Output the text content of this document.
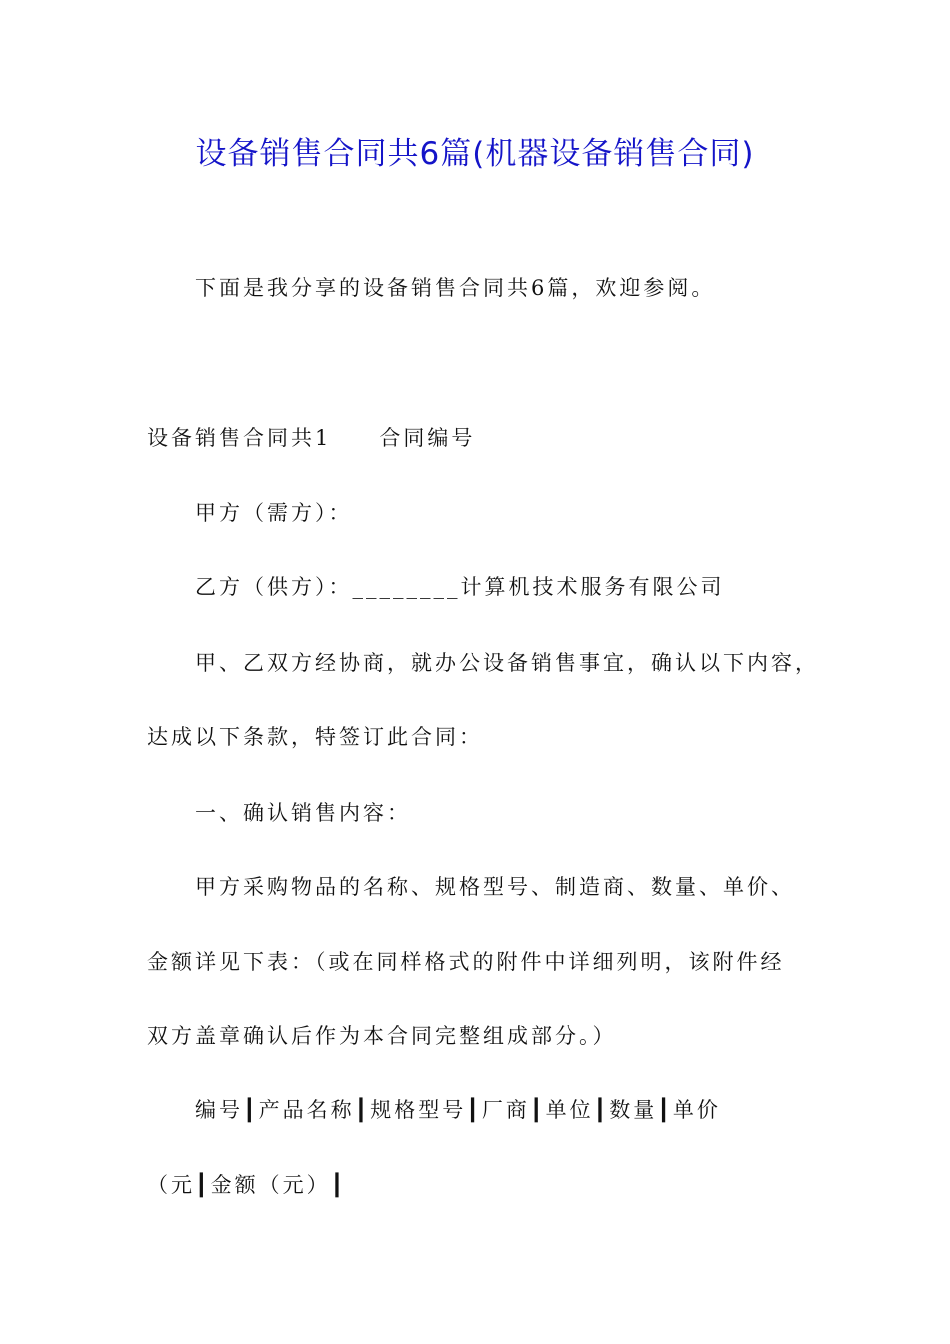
设备销售合同共6篇(机器设备销售合同)
下面是我分享的设备销售合同共6篇，欢迎参阅。
设备销售合同共1 合同编号
甲方（需方）：
乙方（供方）：________计算机技术服务有限公司
甲、乙双方经协商，就办公设备销售事宜，确认以下内容，
达成以下条款，特签订此合同：
一、确认销售内容：
甲方采购物品的名称、规格型号、制造商、数量、单价、
金额详见下表：（或在同样格式的附件中详细列明，该附件经
双方盖章确认后作为本合同完整组成部分。）
编号┃产品名称┃规格型号┃厂商┃单位┃数量┃单价
（元┃金额（元）┃
